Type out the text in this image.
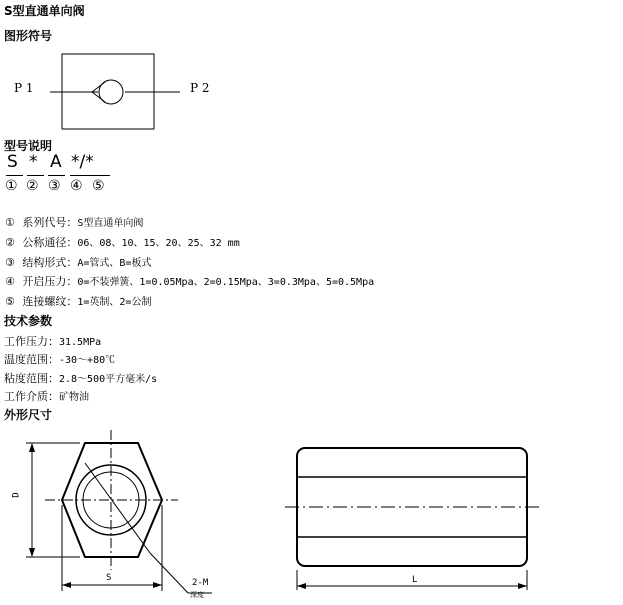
S型直通单向阀
图形符号
P 1	P 2
型号说明
S * A */*
① ② ③ ④ ⑤
① 系列代号：S型直通单向阀
② 公称通径：06、08、10、15、20、25、32 mm
③ 结构形式：A=管式、B=板式
④ 开启压力：0=不装弹簧、1=0.05Mpa、2=0.15Mpa、3=0.3Mpa、5=0.5Mpa
⑤ 连接螺纹：1=英制、2=公制
技术参数
工作压力：31.5MPa
温度范围：-30～+80℃
粘度范围：2.8～500平方毫米/s
工作介质：矿物油
外形尺寸
D
S	2-M
深度
L
